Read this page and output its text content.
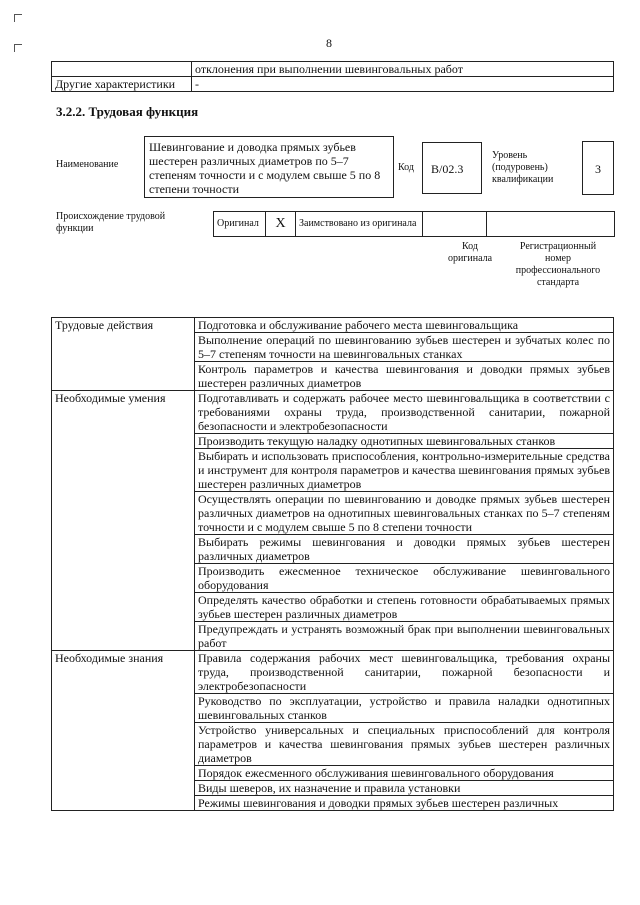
8
	отклонения при выполнении шевинговальных работ
Другие характеристики	-
3.2.2. Трудовая функция
Наименование
Шевингование и доводка прямых зубьев шестерен различных диаметров по 5–7 степеням точности и с модулем свыше 5 по 8 степени точности
Код B/02.3
Уровень (подуровень) квалификации
3
Происхождение трудовой функции	Оригинал	X	Заимствовано из оригинала		
Код оригинала
Регистрационный номер профессионального стандарта
Трудовые действия	Подготовка и обслуживание рабочего места шевинговальщика
	Выполнение операций по шевингованию зубьев шестерен и зубчатых колес по 5–7 степеням точности на шевинговальных станках
	Контроль параметров и качества шевингования и доводки прямых зубьев шестерен различных диаметров
Необходимые умения	Подготавливать и содержать рабочее место шевинговальщика в соответствии с требованиями охраны труда, производственной санитарии, пожарной безопасности и электробезопасности
	Производить текущую наладку однотипных шевинговальных станков
	Выбирать и использовать приспособления, контрольно-измерительные средства и инструмент для контроля параметров и качества шевингования прямых зубьев шестерен различных диаметров
	Осуществлять операции по шевингованию и доводке прямых зубьев шестерен различных диаметров на однотипных шевинговальных станках по 5–7 степеням точности и с модулем свыше 5 по 8 степени точности
	Выбирать режимы шевингования и доводки прямых зубьев шестерен различных диаметров
	Производить ежесменное техническое обслуживание шевинговального оборудования
	Определять качество обработки и степень готовности обрабатываемых прямых зубьев шестерен различных диаметров
	Предупреждать и устранять возможный брак при выполнении шевинговальных работ
Необходимые знания	Правила содержания рабочих мест шевинговальщика, требования охраны труда, производственной санитарии, пожарной безопасности и электробезопасности
	Руководство по эксплуатации, устройство и правила наладки однотипных шевинговальных станков
	Устройство универсальных и специальных приспособлений для контроля параметров и качества шевингования прямых зубьев шестерен различных диаметров
	Порядок ежесменного обслуживания шевинговального оборудования
	Виды шеверов, их назначение и правила установки
	Режимы шевингования и доводки прямых зубьев шестерен различных
